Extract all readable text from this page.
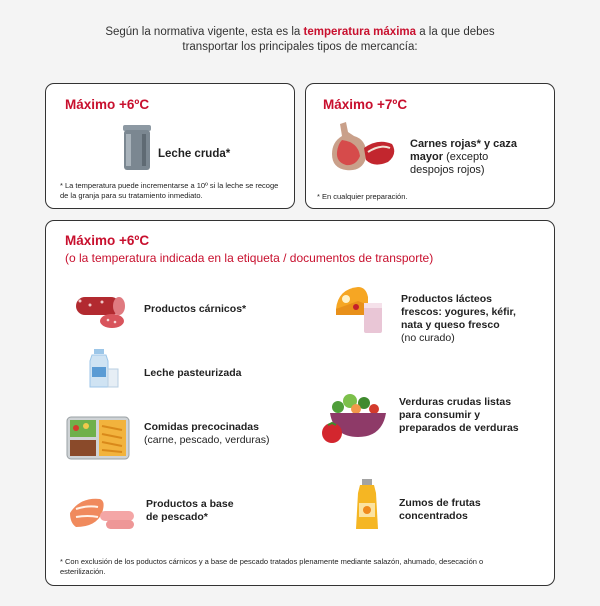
Según la normativa vigente, esta es la temperatura máxima a la que debes
transportar los principales tipos de mercancía:
Máximo +6ºC
Leche cruda*
* La temperatura puede incrementarse a 10º si la leche se recoge de la granja para su tratamiento inmediato.
Máximo +7ºC
Carnes rojas* y caza
mayor (excepto
despojos rojos)
* En cualquier preparación.
Máximo +6ºC
(o la temperatura indicada en la etiqueta / documentos de transporte)
Productos cárnicos*
Leche pasteurizada
Comidas precocinadas
(carne, pescado, verduras)
Productos a base
de pescado*
Productos lácteos
frescos: yogures, kéfir,
nata y queso fresco
(no curado)
Verduras crudas listas
para consumir y
preparados de verduras
Zumos de frutas
concentrados
* Con exclusión de los poductos cárnicos y a base de pescado tratados plenamente mediante salazón, ahumado, desecación o esterilización.
